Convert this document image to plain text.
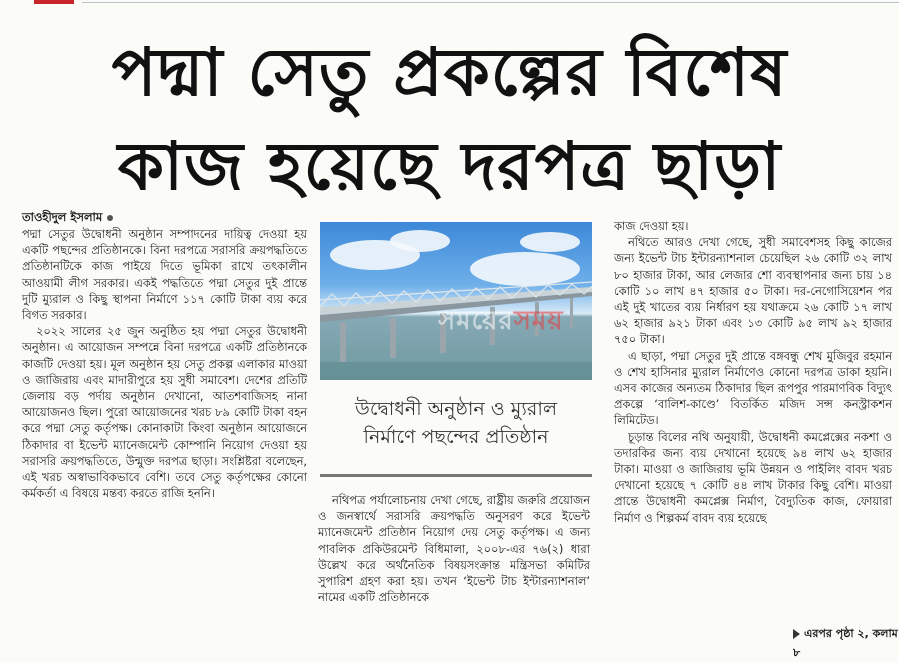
পদ্মা সেতু প্রকল্পের বিশেষ
কাজ হয়েছে দরপত্র ছাড়া
তাওহীদুল ইসলাম

পদ্মা সেতুর উদ্বোধনী অনুষ্ঠান সম্পাদনের দায়িত্ব দেওয়া হয় একটি পছন্দের প্রতিষ্ঠানকে। বিনা দরপত্রে সরাসরি ক্রয়পদ্ধতিতে প্রতিষ্ঠানটিকে কাজ পাইয়ে দিতে ভূমিকা রাখে তৎকালীন আওয়ামী লীগ সরকার। একই পদ্ধতিতে পদ্মা সেতুর দুই প্রান্তে দুটি ম্যুরাল ও কিছু স্থাপনা নির্মাণে ১১৭ কোটি টাকা ব্যয় করে বিগত সরকার।

২০২২ সালের ২৫ জুন অনুষ্ঠিত হয় পদ্মা সেতুর উদ্বোধনী অনুষ্ঠান। এ আয়োজন সম্পন্নে বিনা দরপত্রে একটি প্রতিষ্ঠানকে কাজটি দেওয়া হয়। মূল অনুষ্ঠান হয় সেতু প্রকল্প এলাকার মাওয়া ও জাজিরায় এবং মাদারীপুরে হয় সুধী সমাবেশ। দেশের প্রতিটি জেলায় বড় পর্দায় অনুষ্ঠান দেখানো, আতশবাজিসহ নানা আয়োজনও ছিল। পুরো আয়োজনের খরচ ৮৯ কোটি টাকা বহন করে পদ্মা সেতু কর্তৃপক্ষ। কোনাকাটা কিংবা অনুষ্ঠান আয়োজনে ঠিকাদার বা ইভেন্ট ম্যানেজমেন্ট কোম্পানি নিয়োগ দেওয়া হয় সরাসরি ক্রয়পদ্ধতিতে, উন্মুক্ত দরপত্র ছাড়া। সংশ্লিষ্টরা বলেছেন, এই খরচ অস্বাভাবিকভাবে বেশি। তবে সেতু কর্তৃপক্ষের কোনো কর্মকর্তা এ বিষয়ে মন্তব্য করতে রাজি হননি।

সময়েরসময়
উদ্বোধনী অনুষ্ঠান ও ম্যুরাল
নির্মাণে পছন্দের প্রতিষ্ঠান

নথিপত্র পর্যালোচনায় দেখা গেছে, রাষ্ট্রীয় জরুরি প্রয়োজন ও জনস্বার্থে সরাসরি ক্রয়পদ্ধতি অনুসরণ করে ইভেন্ট ম্যানেজমেন্ট প্রতিষ্ঠান নিয়োগ দেয় সেতু কর্তৃপক্ষ। এ জন্য পাবলিক প্রকিউরমেন্ট বিধিমালা, ২০০৮-এর ৭৬(২) ধারা উল্লেখ করে অর্থনৈতিক বিষয়সংক্রান্ত মন্ত্রিসভা কমিটির সুপারিশ গ্রহণ করা হয়। তখন ‘ইভেন্ট টাচ ইন্টারন্যাশনাল’ নামের একটি প্রতিষ্ঠানকে

কাজ দেওয়া হয়।

নথিতে আরও দেখা গেছে, সুধী সমাবেশসহ কিছু কাজের জন্য ইভেন্ট টাচ ইন্টারন্যাশনাল চেয়েছিল ২৬ কোটি ৩২ লাখ ৮০ হাজার টাকা, আর লেজার শো ব্যবস্থাপনার জন্য চায় ১৪ কোটি ১০ লাখ ৪৭ হাজার ৫০ টাকা। দর-নেগোসিয়েশন পর এই দুই খাতের ব্যয় নির্ধারণ হয় যথাক্রমে ২৬ কোটি ১৭ লাখ ৬২ হাজার ৯২১ টাকা এবং ১৩ কোটি ৯৫ লাখ ৯২ হাজার ৭৫০ টাকা।

এ ছাড়া, পদ্মা সেতুর দুই প্রান্তে বঙ্গবন্ধু শেখ মুজিবুর রহমান ও শেখ হাসিনার ম্যুরাল নির্মাণেও কোনো দরপত্র ডাকা হয়নি। এসব কাজের অন্যতম ঠিকাদার ছিল রূপপুর পারমাণবিক বিদ্যুৎ প্রকল্পে ‘বালিশ-কাণ্ডে’ বিতর্কিত মজিদ সন্স কনস্ট্রাকশন লিমিটেড।

চূড়ান্ত বিলের নথি অনুযায়ী, উদ্বোধনী কমপ্লেক্সের নকশা ও তদারকির জন্য ব্যয় দেখানো হয়েছে ৯৪ লাখ ৬২ হাজার টাকা। মাওয়া ও জাজিরায় ভূমি উন্নয়ন ও পাইলিং বাবদ খরচ দেখানো হয়েছে ৭ কোটি ৪৪ লাখ টাকার কিছু বেশি। মাওয়া প্রান্তে উদ্বোধনী কমপ্লেক্স নির্মাণ, বৈদ্যুতিক কাজ, ফোয়ারা নির্মাণ ও শিল্পকর্ম বাবদ ব্যয় হয়েছে

এরপর পৃষ্ঠা ২, কলাম ৮
